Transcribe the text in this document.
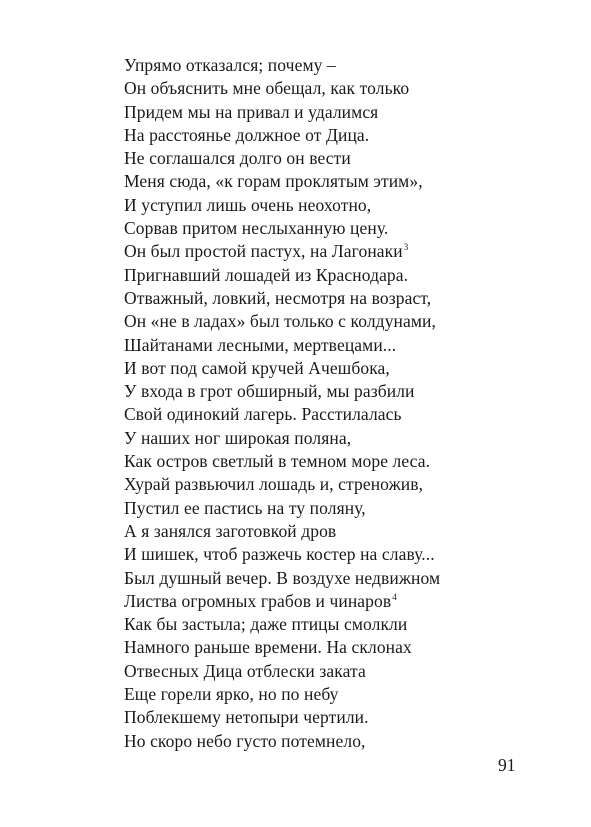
Упрямо отказался; почему –
Он объяснить мне обещал, как только
Придем мы на привал и удалимся
На расстоянье должное от Дица.
Не соглашался долго он вести
Меня сюда, «к горам проклятым этим»,
И уступил лишь очень неохотно,
Сорвав притом неслыханную цену.
Он был простой пастух, на Лагонаки$^3$
Пригнавший лошадей из Краснодара.
Отважный, ловкий, несмотря на возраст,
Он «не в ладах» был только с колдунами,
Шайтанами лесными, мертвецами...
И вот под самой кручей Ачешбока,
У входа в грот обширный, мы разбили
Свой одинокий лагерь. Расстилалась
У наших ног широкая поляна,
Как остров светлый в темном море леса.
Хурай развьючил лошадь и, стреножив,
Пустил ее пастись на ту поляну,
А я занялся заготовкой дров
И шишек, чтоб разжечь костер на славу...
Был душный вечер. В воздухе недвижном
Листва огромных грабов и чинаров$^4$
Как бы застыла; даже птицы смолкли
Намного раньше времени. На склонах
Отвесных Дица отблески заката
Еще горели ярко, но по небу
Поблекшему нетопыри чертили.
Но скоро небо густо потемнело,
91
